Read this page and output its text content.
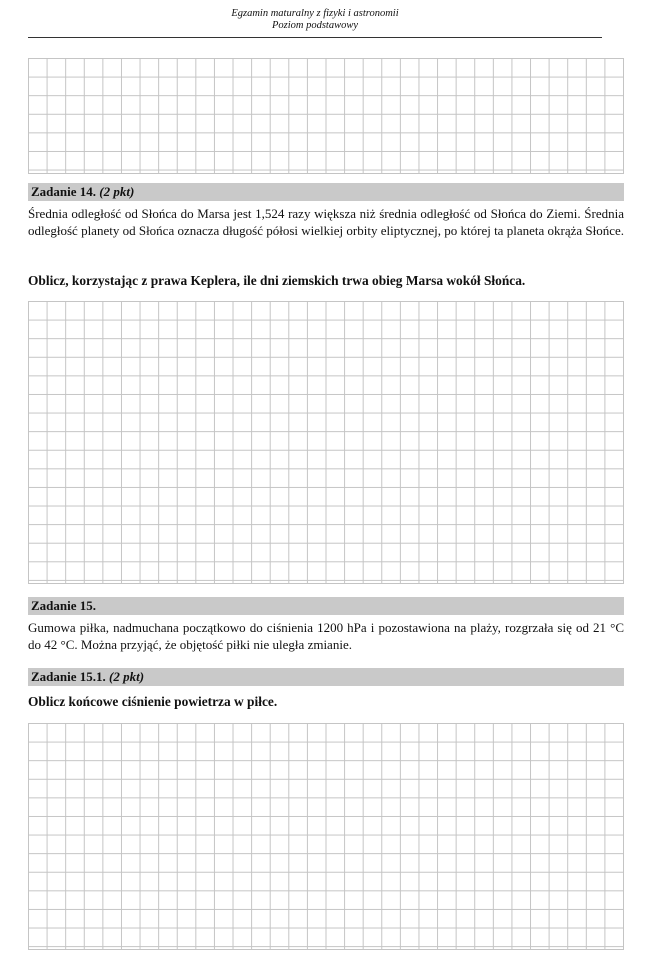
Egzamin maturalny z fizyki i astronomii
Poziom podstawowy
Zadanie 14. (2 pkt)

Średnia odległość od Słońca do Marsa jest 1,524 razy większa niż średnia odległość od Słońca do Ziemi. Średnia odległość planety od Słońca oznacza długość półosi wielkiej orbity eliptycznej, po której ta planeta okrąża Słońce.

Oblicz, korzystając z prawa Keplera, ile dni ziemskich trwa obieg Marsa wokół Słońca.

Zadanie 15.

Gumowa piłka, nadmuchana początkowo do ciśnienia 1200 hPa i pozostawiona na plaży, rozgrzała się od 21 °C do 42 °C. Można przyjąć, że objętość piłki nie uległa zmianie.

Zadanie 15.1. (2 pkt)

Oblicz końcowe ciśnienie powietrza w piłce.
